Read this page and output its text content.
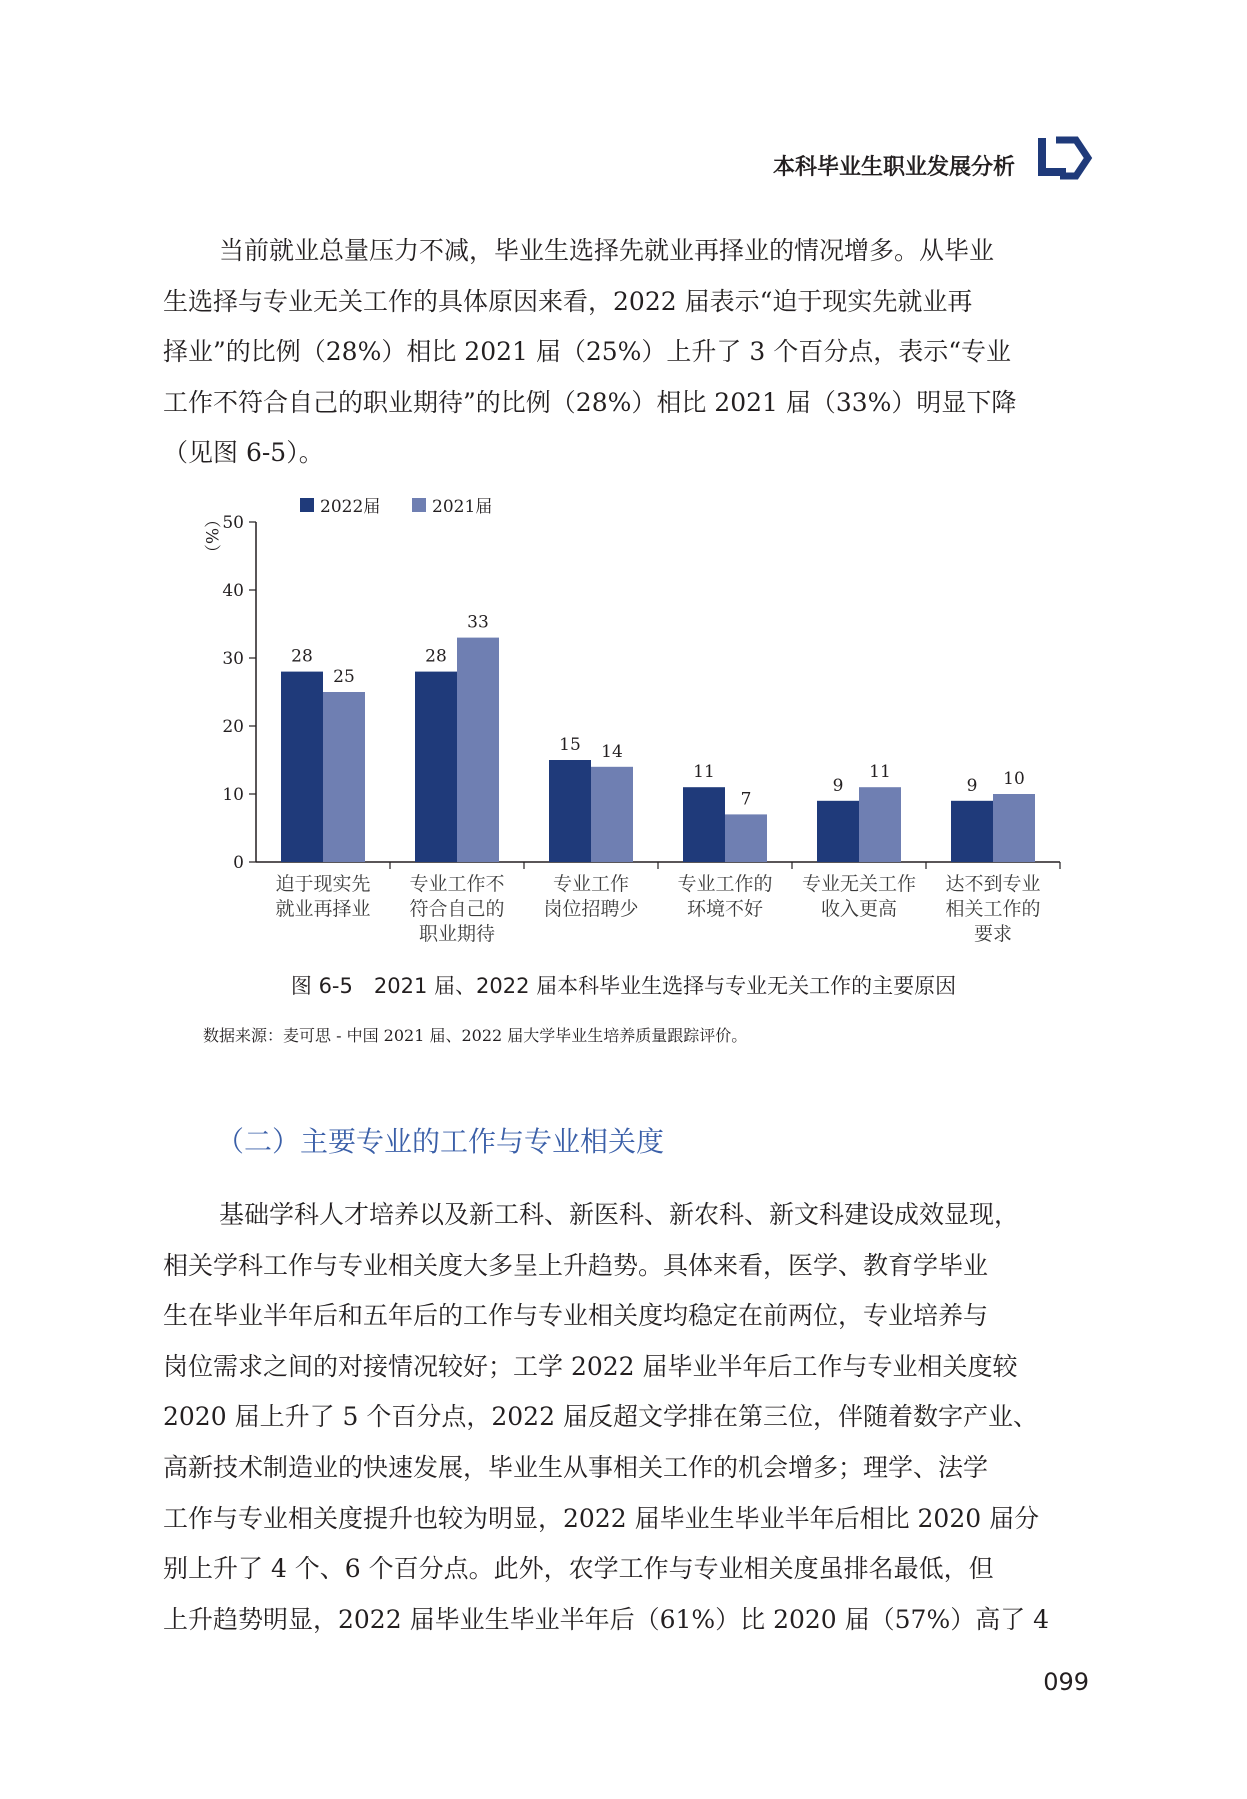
本科毕业生职业发展分析
当前就业总量压力不减，毕业生选择先就业再择业的情况增多。从毕业
生选择与专业无关工作的具体原因来看，2022 届表示“迫于现实先就业再
择业”的比例（28%）相比 2021 届（25%）上升了 3 个百分点，表示“专业
工作不符合自己的职业期待”的比例（28%）相比 2021 届（33%）明显下降
（见图 6-5）。
0
10
20
30
40
50
（%）
28
25
迫于现实先
就业再择业
28
33
专业工作不
符合自己的
职业期待
15 14
专业工作
岗位招聘少
11
7
专业工作的
环境不好
9
11
专业无关工作
收入更高
9 10
达不到专业
相关工作的
要求
2022届	2021届
图 6-5　2021 届、2022 届本科毕业生选择与专业无关工作的主要原因
数据来源：麦可思 - 中国 2021 届、2022 届大学毕业生培养质量跟踪评价。
（二）主要专业的工作与专业相关度
基础学科人才培养以及新工科、新医科、新农科、新文科建设成效显现，
相关学科工作与专业相关度大多呈上升趋势。具体来看，医学、教育学毕业
生在毕业半年后和五年后的工作与专业相关度均稳定在前两位，专业培养与
岗位需求之间的对接情况较好；工学 2022 届毕业半年后工作与专业相关度较
2020 届上升了 5 个百分点，2022 届反超文学排在第三位，伴随着数字产业、
高新技术制造业的快速发展，毕业生从事相关工作的机会增多；理学、法学
工作与专业相关度提升也较为明显，2022 届毕业生毕业半年后相比 2020 届分
别上升了 4 个、6 个百分点。此外，农学工作与专业相关度虽排名最低，但
上升趋势明显，2022 届毕业生毕业半年后（61%）比 2020 届（57%）高了 4
099
